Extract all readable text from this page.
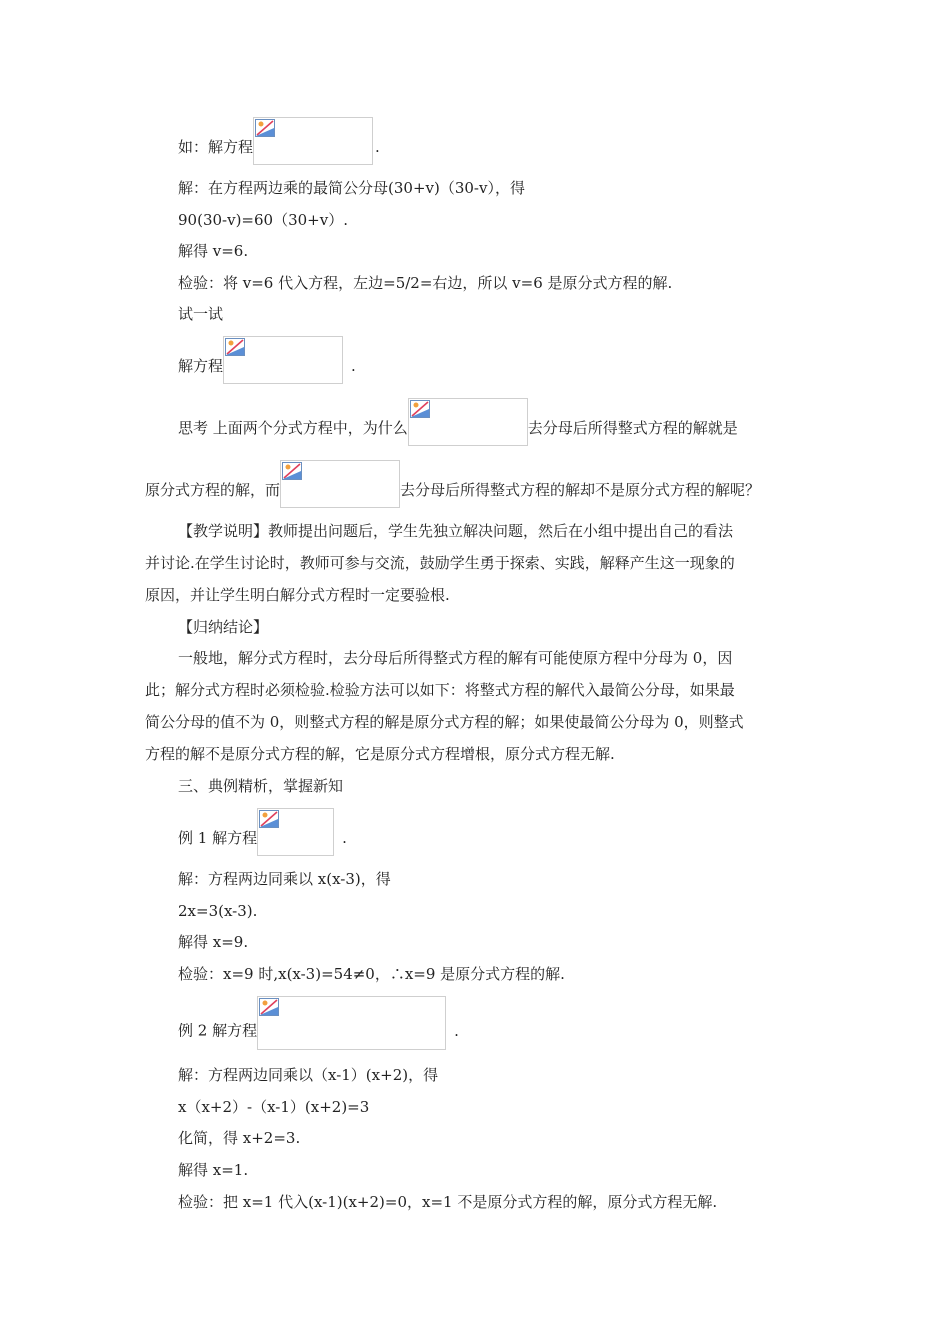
如：解方程	.
解：在方程两边乘的最简公分母(30+v)（30-v），得
90(30-v)=60（30+v）.
解得 v=6.
检验：将 v=6 代入方程，左边=5/2=右边，所以 v=6 是原分式方程的解.
试一试
解方程	.
思考 上面两个分式方程中，为什么	去分母后所得整式方程的解就是
原分式方程的解，而	去分母后所得整式方程的解却不是原分式方程的解呢？
【教学说明】教师提出问题后，学生先独立解决问题，然后在小组中提出自己的看法
并讨论.在学生讨论时，教师可参与交流，鼓励学生勇于探索、实践，解释产生这一现象的
原因，并让学生明白解分式方程时一定要验根.
【归纳结论】
一般地，解分式方程时，去分母后所得整式方程的解有可能使原方程中分母为 0，因
此；解分式方程时必须检验.检验方法可以如下：将整式方程的解代入最简公分母，如果最
简公分母的值不为 0，则整式方程的解是原分式方程的解；如果使最简公分母为 0，则整式
方程的解不是原分式方程的解，它是原分式方程增根，原分式方程无解.
三、典例精析，掌握新知
例 1 解方程	.
解：方程两边同乘以 x(x-3)，得
2x=3(x-3).
解得 x=9.
检验：x=9 时,x(x-3)=54≠0，∴x=9 是原分式方程的解.
例 2 解方程	.
解：方程两边同乘以（x-1）(x+2)，得
x（x+2）-（x-1）(x+2)=3
化简，得 x+2=3.
解得 x=1.
检验：把 x=1 代入(x-1)(x+2)=0，x=1 不是原分式方程的解，原分式方程无解.
